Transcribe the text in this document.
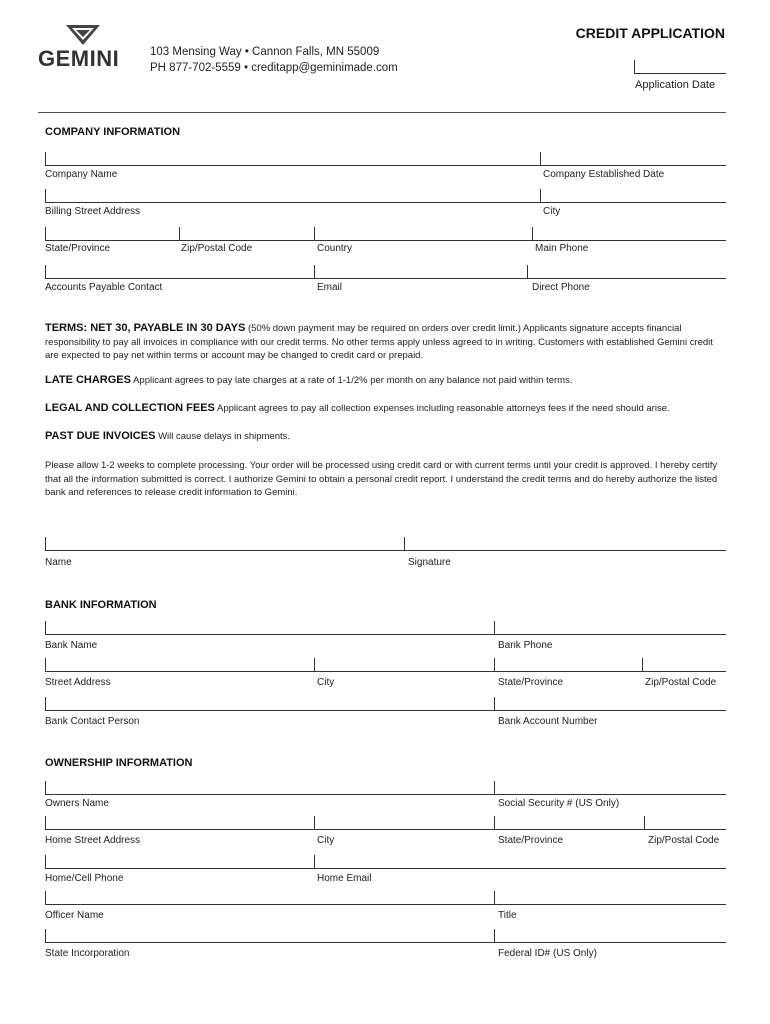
GEMINI	103 Mensing Way • Cannon Falls, MN 55009
PH 877-702-5559 • creditapp@geminimade.com
CREDIT APPLICATION
Application Date
COMPANY INFORMATION
Company Name	Company Established Date
Billing Street Address	City
State/Province	Zip/Postal Code	Country	Main Phone
Accounts Payable Contact	Email	Direct Phone
TERMS: NET 30, PAYABLE IN 30 DAYS (50% down payment may be required on orders over credit limit.) Applicants signature accepts financial responsibility to pay all invoices in compliance with our credit terms. No other terms apply unless agreed to in writing. Customers with established Gemini credit are expected to pay net within terms or account may be changed to credit card or prepaid.
LATE CHARGES Applicant agrees to pay late charges at a rate of 1-1/2% per month on any balance not paid within terms.
LEGAL AND COLLECTION FEES Applicant agrees to pay all collection expenses including reasonable attorneys fees if the need should arise.
PAST DUE INVOICES Will cause delays in shipments.
Please allow 1-2 weeks to complete processing. Your order will be processed using credit card or with current terms until your credit is approved. I hereby certify that all the information submitted is correct. I authorize Gemini to obtain a personal credit report. I understand the credit terms and do hereby authorize the listed bank and references to release credit information to Gemini.
Name	Signature
BANK INFORMATION
Bank Name	Bank Phone
Street Address	City	State/Province	Zip/Postal Code
Bank Contact Person	Bank Account Number
OWNERSHIP INFORMATION
Owners Name	Social Security # (US Only)
Home Street Address	City	State/Province	Zip/Postal Code
Home/Cell Phone	Home Email
Officer Name	Title
State Incorporation	Federal ID# (US Only)
